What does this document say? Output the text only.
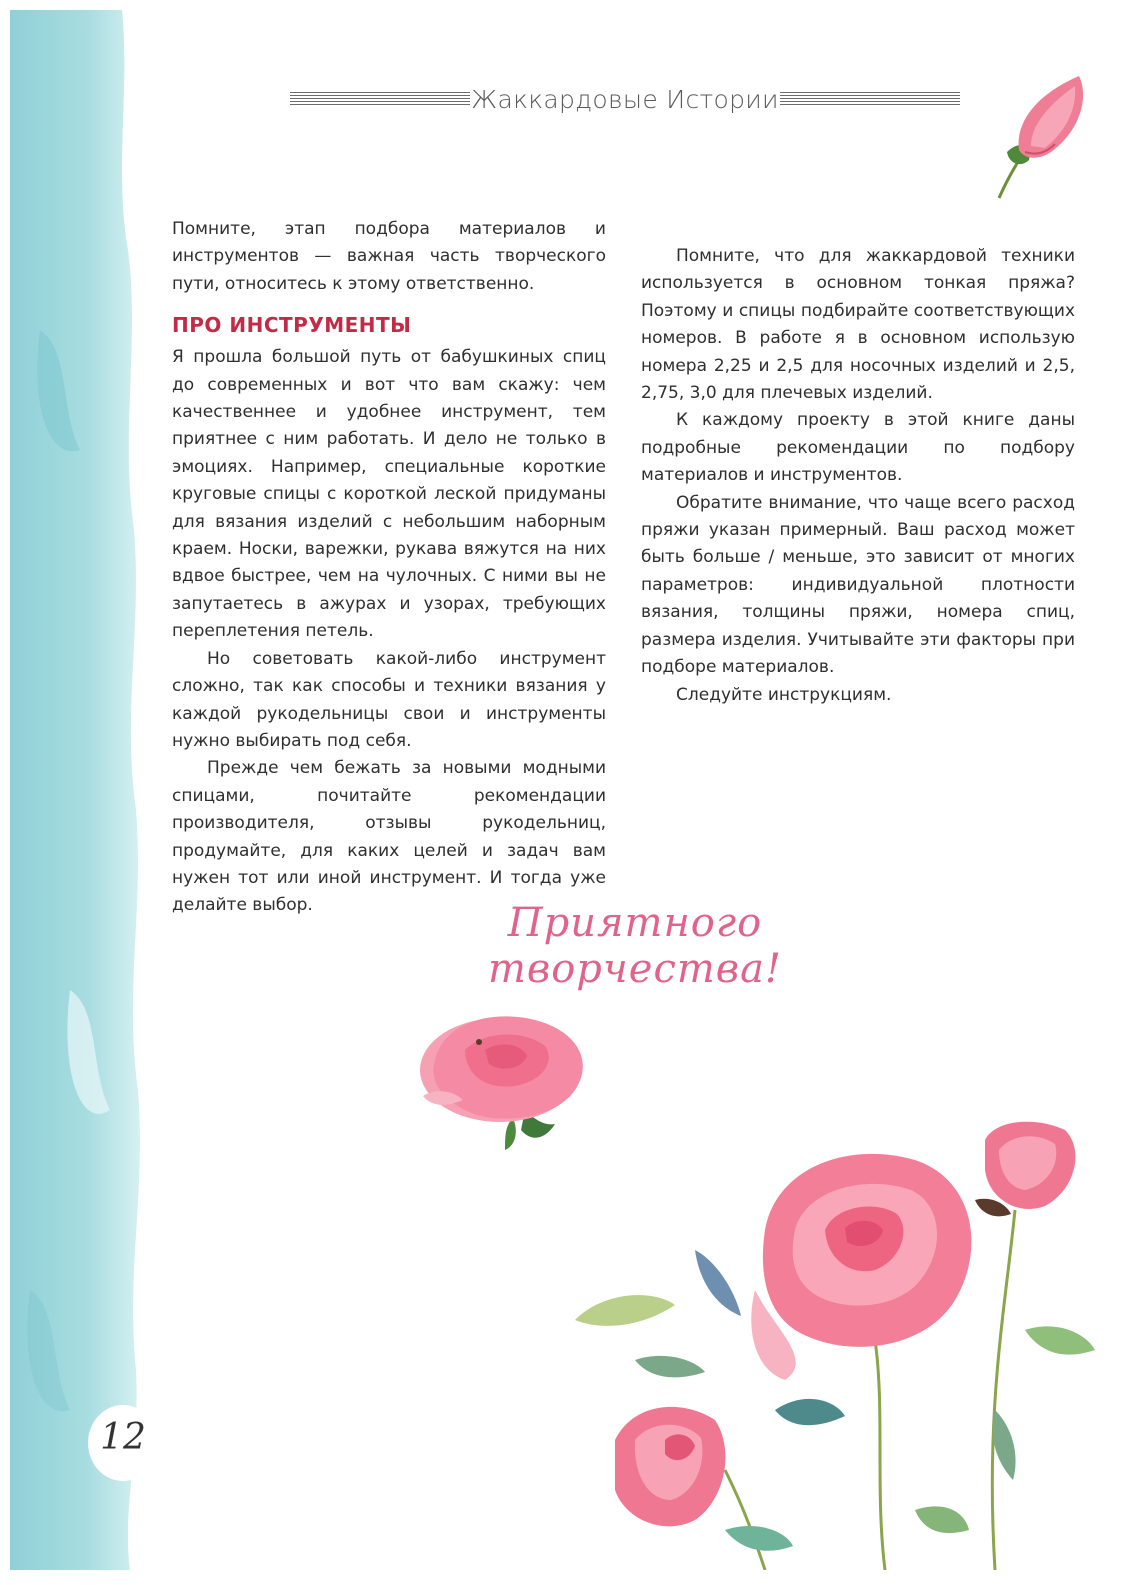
Жаккардовые Истории

Помните, этап подбора материалов и инструментов — важная часть творческого пути, относитесь к этому ответственно.

ПРО ИНСТРУМЕНТЫ

Я прошла большой путь от бабушкиных спиц до современных и вот что вам скажу: чем качественнее и удобнее инструмент, тем приятнее с ним работать. И дело не только в эмоциях. Например, специальные короткие круговые спицы с короткой леской придуманы для вязания изделий с небольшим наборным краем. Носки, варежки, рукава вяжутся на них вдвое быстрее, чем на чулочных. С ними вы не запутаетесь в ажурах и узорах, требующих переплетения петель.

Но советовать какой-либо инструмент сложно, так как способы и техники вязания у каждой рукодельницы свои и инструменты нужно выбирать под себя.

Прежде чем бежать за новыми модными спицами, почитайте рекомендации производителя, отзывы рукодельниц, продумайте, для каких целей и задач вам нужен тот или иной инструмент. И тогда уже делайте выбор.

Помните, что для жаккардовой техники используется в основном тонкая пряжа? Поэтому и спицы подбирайте соответствующих номеров. В работе я в основном использую номера 2,25 и 2,5 для носочных изделий и 2,5, 2,75, 3,0 для плечевых изделий.

К каждому проекту в этой книге даны подробные рекомендации по подбору материалов и инструментов.

Обратите внимание, что чаще всего расход пряжи указан примерный. Ваш расход может быть больше / меньше, это зависит от многих параметров: индивидуальной плотности вязания, толщины пряжи, номера спиц, размера изделия. Учитывайте эти факторы при подборе материалов.

Следуйте инструкциям.

Приятного творчества!
12
